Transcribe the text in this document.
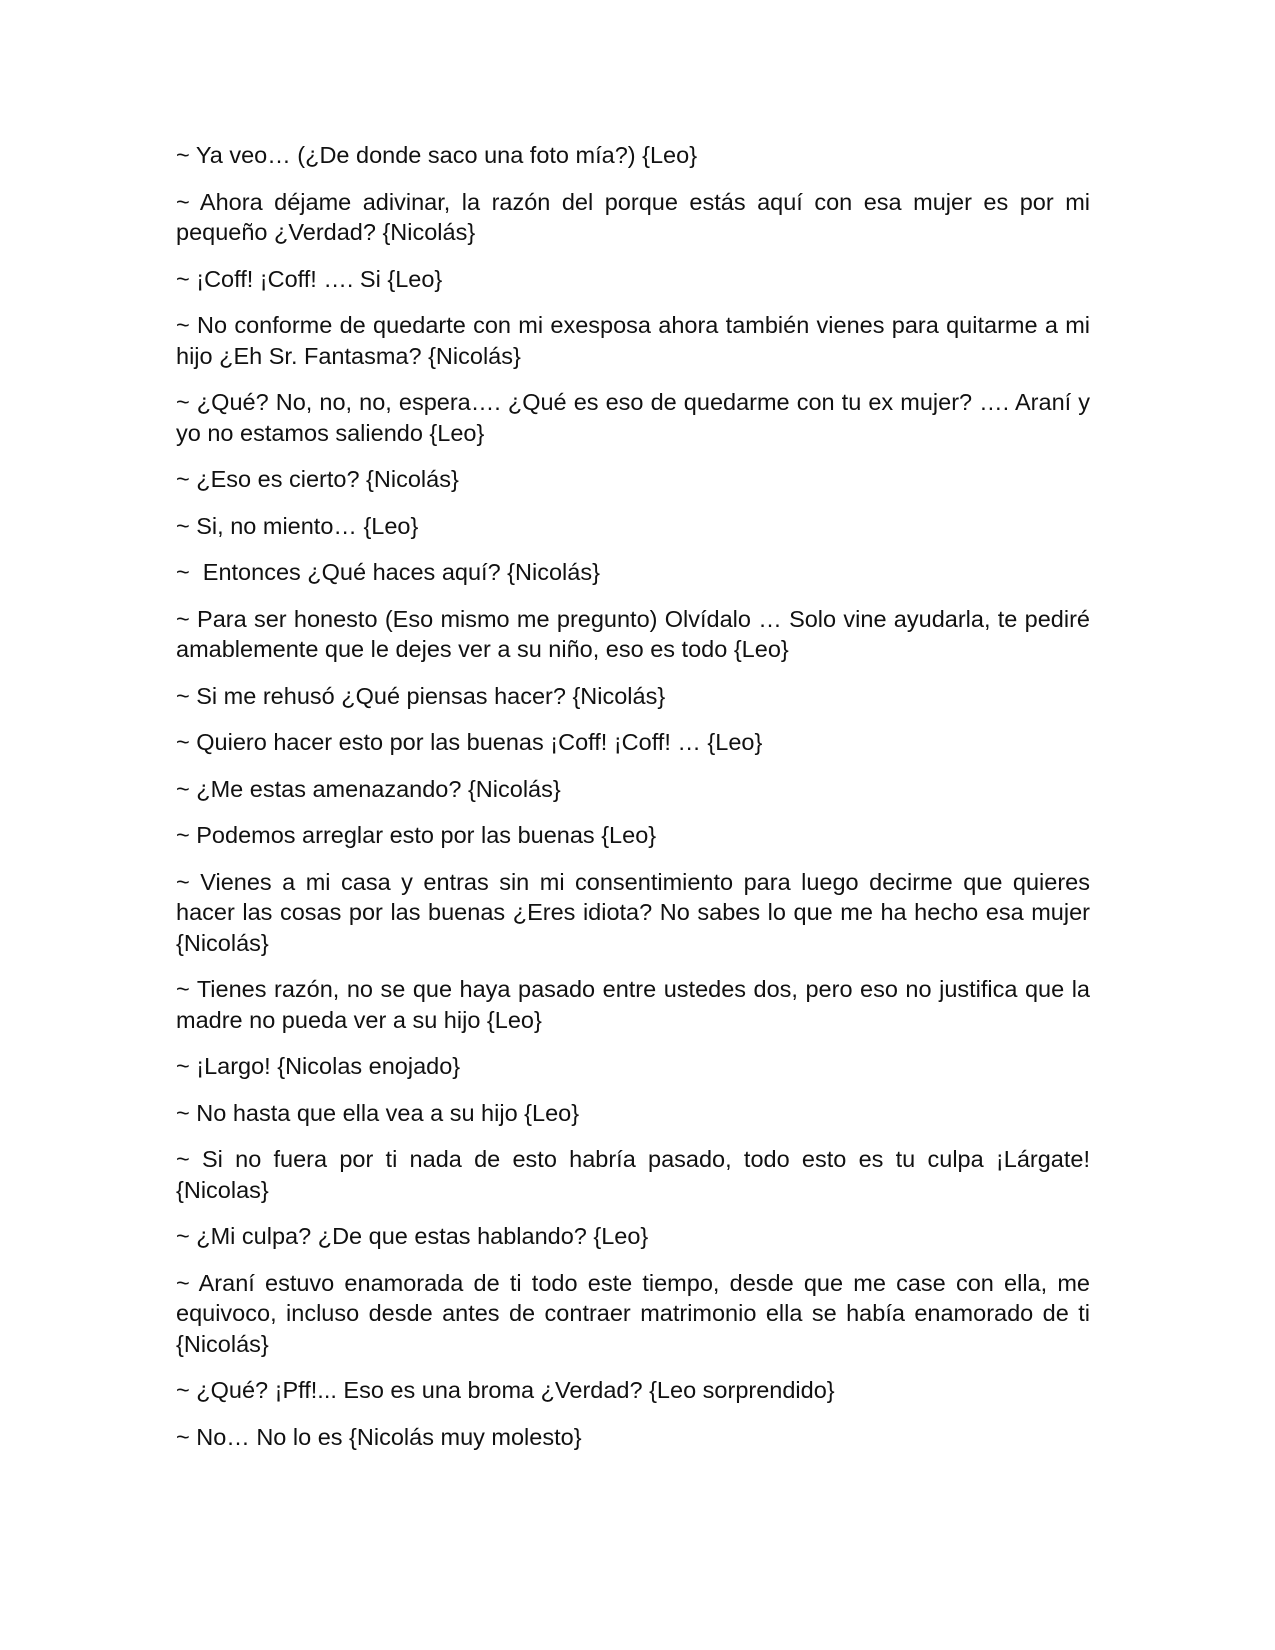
~ Ya veo… (¿De donde saco una foto mía?) {Leo}

~ Ahora déjame adivinar, la razón del porque estás aquí con esa mujer es por mi pequeño ¿Verdad? {Nicolás}

~ ¡Coff! ¡Coff! …. Si {Leo}

~ No conforme de quedarte con mi exesposa ahora también vienes para quitarme a mi hijo ¿Eh Sr. Fantasma? {Nicolás}

~ ¿Qué? No, no, no, espera…. ¿Qué es eso de quedarme con tu ex mujer? …. Araní y yo no estamos saliendo {Leo}

~ ¿Eso es cierto? {Nicolás}

~ Si, no miento… {Leo}

~  Entonces ¿Qué haces aquí? {Nicolás}

~ Para ser honesto (Eso mismo me pregunto) Olvídalo … Solo vine ayudarla, te pediré amablemente que le dejes ver a su niño, eso es todo {Leo}

~ Si me rehusó ¿Qué piensas hacer? {Nicolás}

~ Quiero hacer esto por las buenas ¡Coff! ¡Coff! … {Leo}

~ ¿Me estas amenazando? {Nicolás}

~ Podemos arreglar esto por las buenas {Leo}

~ Vienes a mi casa y entras sin mi consentimiento para luego decirme que quieres hacer las cosas por las buenas ¿Eres idiota? No sabes lo que me ha hecho esa mujer {Nicolás}

~ Tienes razón, no se que haya pasado entre ustedes dos, pero eso no justifica que la madre no pueda ver a su hijo {Leo}

~ ¡Largo! {Nicolas enojado}

~ No hasta que ella vea a su hijo {Leo}

~ Si no fuera por ti nada de esto habría pasado, todo esto es tu culpa ¡Lárgate! {Nicolas}

~ ¿Mi culpa? ¿De que estas hablando? {Leo}

~ Araní estuvo enamorada de ti todo este tiempo, desde que me case con ella, me equivoco, incluso desde antes de contraer matrimonio ella se había enamorado de ti {Nicolás}

~ ¿Qué? ¡Pff!... Eso es una broma ¿Verdad? {Leo sorprendido}

~ No… No lo es {Nicolás muy molesto}
